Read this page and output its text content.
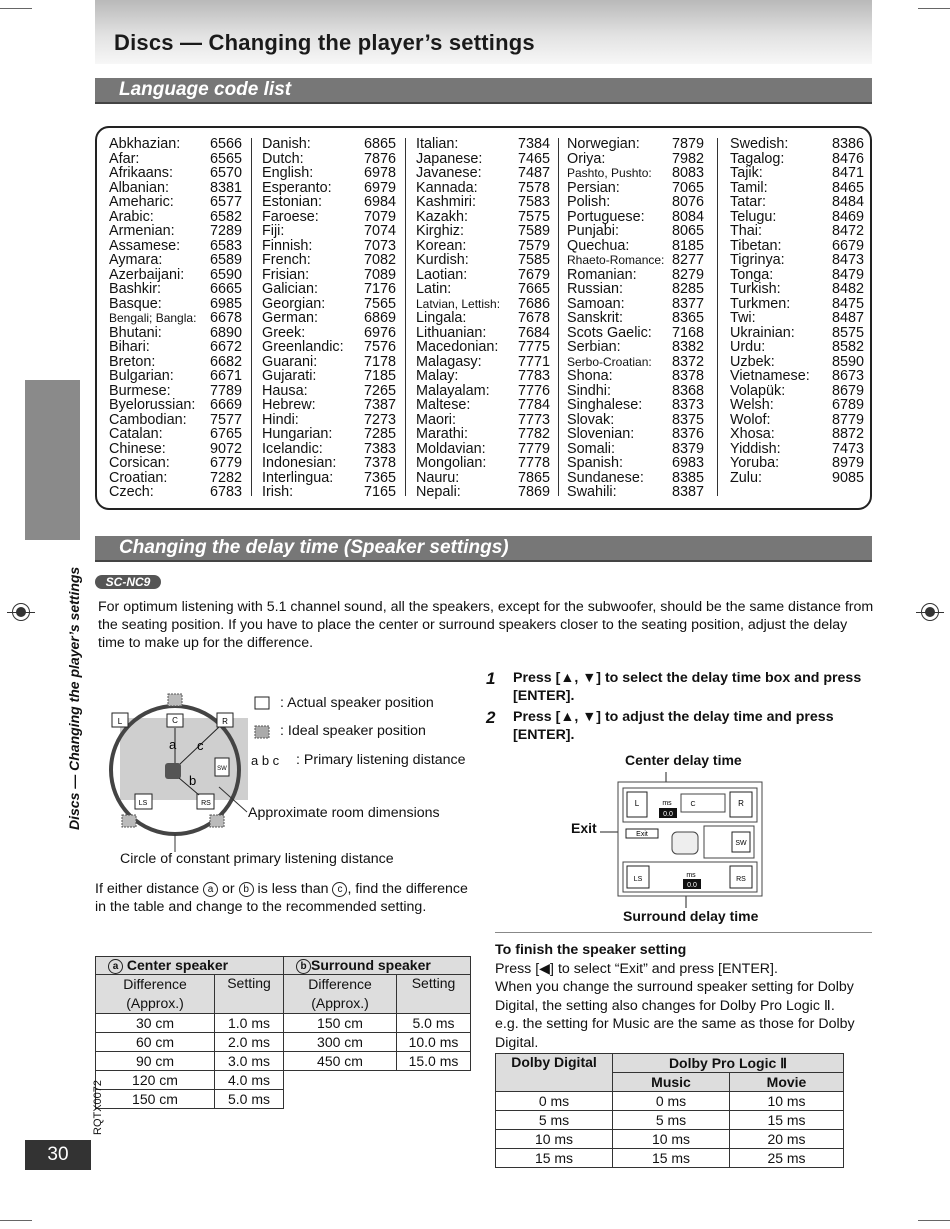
Discs — Changing the player’s settings
Language code list
Abkhazian: 6566
Afar:	6565
Afrikaans:	6570
Albanian:	8381
Ameharic:	6577
Arabic:	6582
Armenian: 7289
Assamese: 6583
Aymara:	6589
Azerbaijani: 6590
Bashkir:	6665
Basque:	6985
Bengali; Bangla: 6678
Bhutani:	6890
Bihari:	6672
Breton:	6682
Bulgarian:	6671
Burmese:	7789
Byelorussian: 6669
Cambodian: 7577
Catalan:	6765
Chinese:	9072
Corsican:	6779
Croatian:	7282
Czech:	6783
Danish:	6865
Dutch:	7876
English:	6978
Esperanto: 6979
Estonian:	6984
Faroese:	7079
Fiji:	7074
Finnish:	7073
French:	7082
Frisian:	7089
Galician:	7176
Georgian:	7565
German:	6869
Greek:	6976
Greenlandic: 7576
Guarani:	7178
Gujarati:	7185
Hausa:	7265
Hebrew:	7387
Hindi:	7273
Hungarian: 7285
Icelandic:	7383
Indonesian: 7378
Interlingua: 7365
Irish:	7165
Italian:	7384
Japanese: 7465
Javanese:	7487
Kannada:	7578
Kashmiri:	7583
Kazakh:	7575
Kirghiz:	7589
Korean:	7579
Kurdish:	7585
Laotian:	7679
Latin:	7665
Latvian, Lettish: 7686
Lingala:	7678
Lithuanian: 7684
Macedonian: 7775
Malagasy:	7771
Malay:	7783
Malayalam: 7776
Maltese:	7784
Maori:	7773
Marathi:	7782
Moldavian: 7779
Mongolian: 7778
Nauru:	7865
Nepali:	7869
Norwegian: 7879
Oriya:	7982
Pashto, Pushto: 8083
Persian:	7065
Polish:	8076
Portuguese: 8084
Punjabi:	8065
Quechua:	8185
Rhaeto-Romance: 8277
Romanian: 8279
Russian:	8285
Samoan:	8377
Sanskrit:	8365
Scots Gaelic: 7168
Serbian:	8382
Serbo-Croatian: 8372
Shona:	8378
Sindhi:	8368
Singhalese: 8373
Slovak:	8375
Slovenian:	8376
Somali:	8379
Spanish:	6983
Sundanese: 8385
Swahili:	8387
Swedish:	8386
Tagalog:	8476
Tajik:	8471
Tamil:	8465
Tatar:	8484
Telugu:	8469
Thai:	8472
Tibetan:	6679
Tigrinya:	8473
Tonga:	8479
Turkish:	8482
Turkmen:	8475
Twi:	8487
Ukrainian:	8575
Urdu:	8582
Uzbek:	8590
Vietnamese: 8673
Volapük:	8679
Welsh:	6789
Wolof:	8779
Xhosa:	8872
Yiddish:	7473
Yoruba:	8979
Zulu:	9085
Discs — Changing the player’s settings
Changing the delay time (Speaker settings)
SC-NC9
For optimum listening with 5.1 channel sound, all the speakers, except for the subwoofer, should be the same distance from the seating position. If you have to place the center or surround speakers closer to the seating position, adjust the delay time to make up for the difference.
L	C	R
LS	RS
SW
a c
b
: Actual speaker position
: Ideal speaker position
a b c : Primary listening distance
Approximate room dimensions
Circle of constant primary listening distance
If either distance a or b is less than c , find the difference in the table and change to the recommended setting.
a Center speaker		b Surround speaker	
Difference (Approx.)	Setting	Difference (Approx.)	Setting
30 cm	1.0 ms	150 cm	5.0 ms
60 cm	2.0 ms	300 cm	10.0 ms
90 cm	3.0 ms	450 cm	15.0 ms
120 cm	4.0 ms		
150 cm	5.0 ms		
1 Press [▲, ▼] to select the delay time box and press [ENTER].
2 Press [▲, ▼] to adjust the delay time and press [ENTER].
Center delay time
Exit
Surround delay time
L	ms
0.0
C	R
Exit
SW
LS
ms
0.0
RS
To finish the speaker setting
Press [◀] to select “Exit” and press [ENTER].
When you change the surround speaker setting for Dolby Digital, the setting also changes for Dolby Pro Logic Ⅱ.
e.g. the setting for Music are the same as those for Dolby Digital.
Dolby Digital	Dolby Pro Logic Ⅱ	
	Music	Movie
0 ms	0 ms	10 ms
5 ms	5 ms	15 ms
10 ms	10 ms	20 ms
15 ms	15 ms	25 ms
RQTX0072
30
